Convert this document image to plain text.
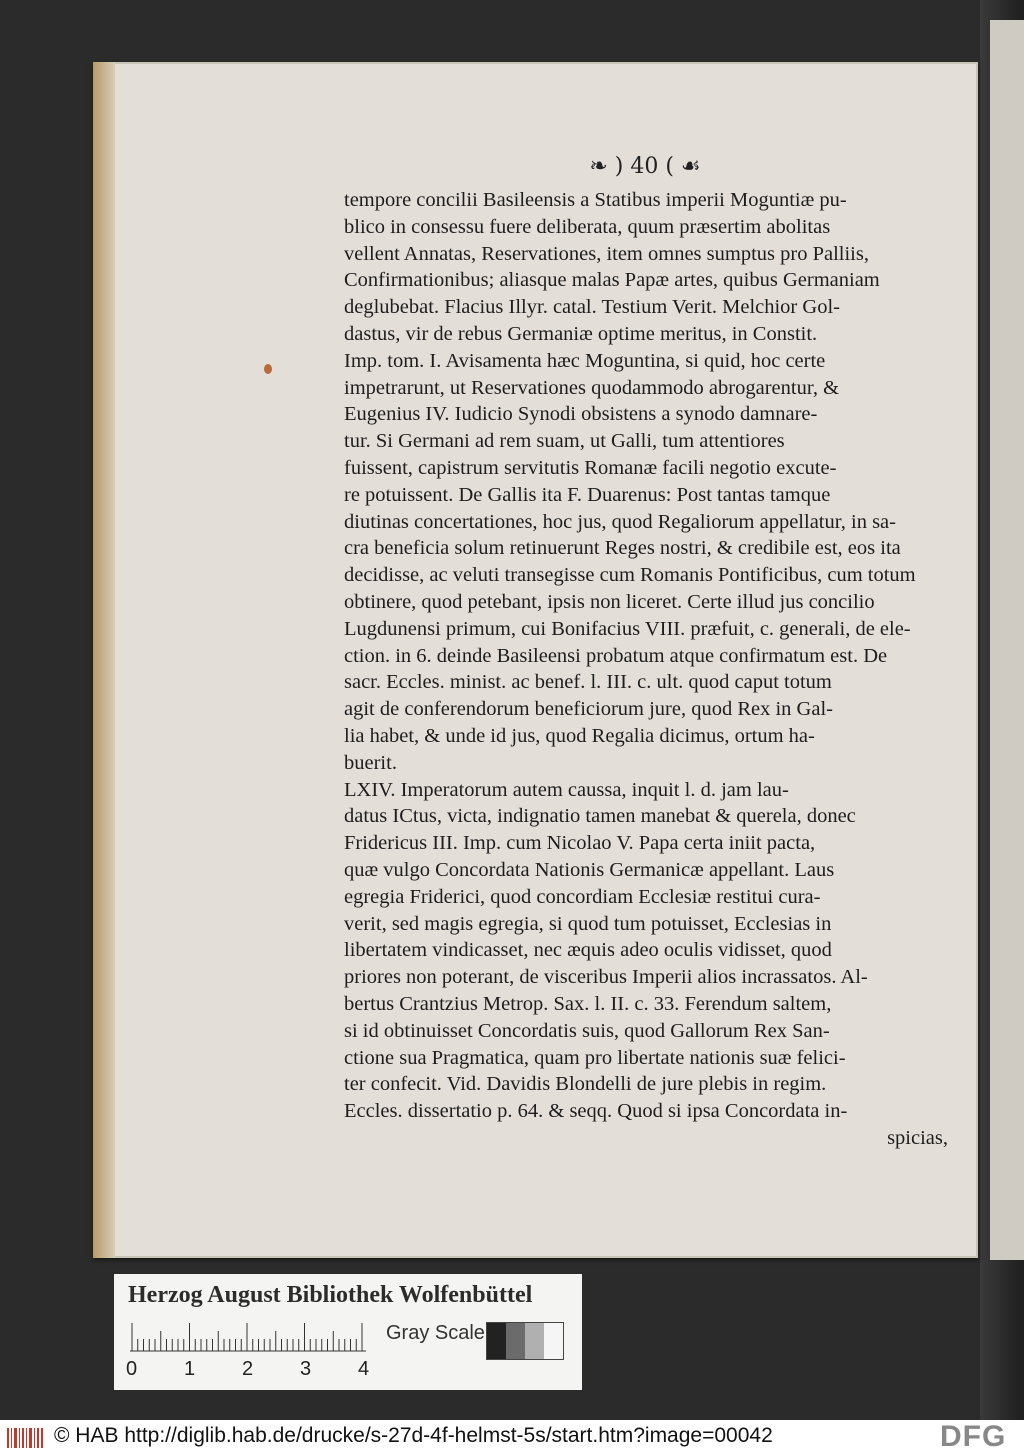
❧ ) 40 ( ☙
tempore concilii Basileensis a Statibus imperii Moguntiæ pu-
blico in consessu fuere deliberata, quum præsertim abolitas
vellent Annatas, Reservationes, item omnes sumptus pro Palliis,
Confirmationibus; aliasque malas Papæ artes, quibus Germaniam
deglubebat. Flacius Illyr. catal. Testium Verit. Melchior Gol-
dastus, vir de rebus Germaniæ optime meritus, in Constit.
Imp. tom. I. Avisamenta hæc Moguntina, si quid, hoc certe
impetrarunt, ut Reservationes quodammodo abrogarentur, &
Eugenius IV. Iudicio Synodi obsistens a synodo damnare-
tur. Si Germani ad rem suam, ut Galli, tum attentiores
fuissent, capistrum servitutis Romanæ facili negotio excute-
re potuissent. De Gallis ita F. Duarenus: Post tantas tamque
diutinas concertationes, hoc jus, quod Regaliorum appellatur, in sa-
cra beneficia solum retinuerunt Reges nostri, & credibile est, eos ita
decidisse, ac veluti transegisse cum Romanis Pontificibus, cum totum
obtinere, quod petebant, ipsis non liceret. Certe illud jus concilio
Lugdunensi primum, cui Bonifacius VIII. præfuit, c. generali, de ele-
ction. in 6. deinde Basileensi probatum atque confirmatum est. De
sacr. Eccles. minist. ac benef. l. III. c. ult. quod caput totum
agit de conferendorum beneficiorum jure, quod Rex in Gal-
lia habet, & unde id jus, quod Regalia dicimus, ortum ha-
buerit.
LXIV. Imperatorum autem caussa, inquit l. d. jam lau-
datus ICtus, victa, indignatio tamen manebat & querela, donec
Fridericus III. Imp. cum Nicolao V. Papa certa iniit pacta,
quæ vulgo Concordata Nationis Germanicæ appellant. Laus
egregia Friderici, quod concordiam Ecclesiæ restitui cura-
verit, sed magis egregia, si quod tum potuisset, Ecclesias in
libertatem vindicasset, nec æquis adeo oculis vidisset, quod
priores non poterant, de visceribus Imperii alios incrassatos. Al-
bertus Crantzius Metrop. Sax. l. II. c. 33. Ferendum saltem,
si id obtinuisset Concordatis suis, quod Gallorum Rex San-
ctione sua Pragmatica, quam pro libertate nationis suæ felici-
ter confecit. Vid. Davidis Blondelli de jure plebis in regim.
Eccles. dissertatio p. 64. & seqq. Quod si ipsa Concordata in-
spicias,
Herzog August Bibliothek Wolfenbüttel
0 1 2 3 4
Gray Scale
© HAB http://diglib.hab.de/drucke/s-27d-4f-helmst-5s/start.htm?image=00042	DFG
